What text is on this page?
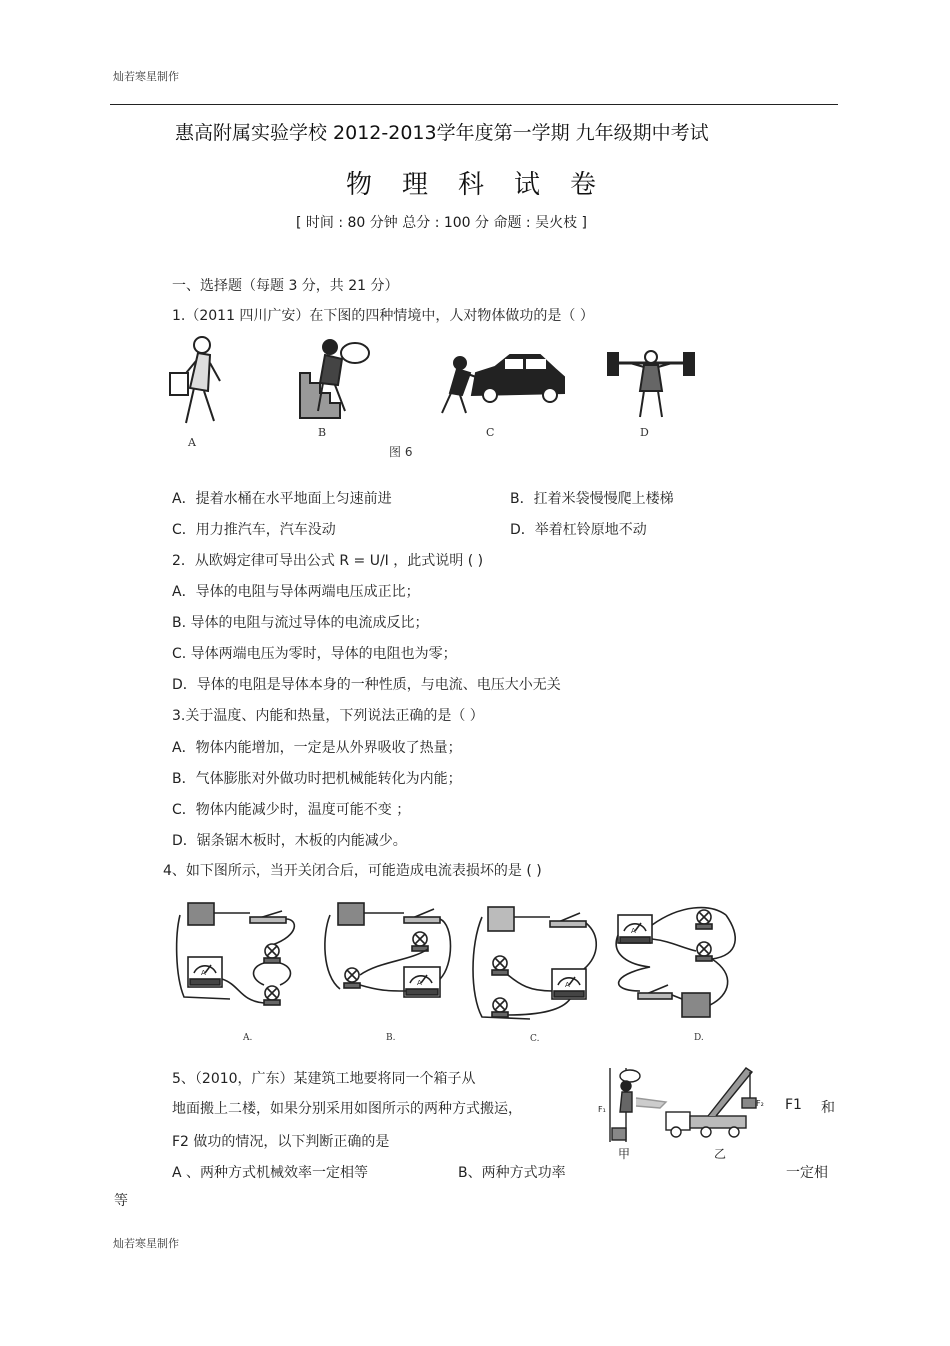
灿若寒星制作
惠高附属实验学校 2012-2013学年度第一学期 九年级期中考试
物理科试卷
[ 时间 : 80 分钟 总分 : 100 分 命题 : 吴火枝 ]
一、选择题（每题 3 分，共 21 分）
1.（2011 四川广安）在下图的四种情境中，人对物体做功的是（ ）
A
B	C	D
图 6
A．提着水桶在水平地面上匀速前进	B．扛着米袋慢慢爬上楼梯
C．用力推汽车，汽车没动	D．举着杠铃原地不动
2．从欧姆定律可导出公式 R = U/I ，此式说明 ( )
A．导体的电阻与导体两端电压成正比；
B. 导体的电阻与流过导体的电流成反比；
C. 导体两端电压为零时，导体的电阻也为零；
D．导体的电阻是导体本身的一种性质，与电流、电压大小无关
3.关于温度、内能和热量，下列说法正确的是（ ）
A．物体内能增加，一定是从外界吸收了热量；
B．气体膨胀对外做功时把机械能转化为内能；
C．物体内能减少时，温度可能不变 ；
D．锯条锯木板时，木板的内能减少。
4、如下图所示，当开关闭合后，可能造成电流表损坏的是 ( )
A
A	A
A
A.	B.	C.	D.
5、（2010，广东）某建筑工地要将同一个箱子从
地面搬上二楼，如果分别采用如图所示的两种方式搬运，	F1 和
F2 做功的情况，以下判断正确的是
A 、两种方式机械效率一定相等	B、两种方式功率	一定相
等
F₁
F₂
甲	乙
灿若寒星制作
